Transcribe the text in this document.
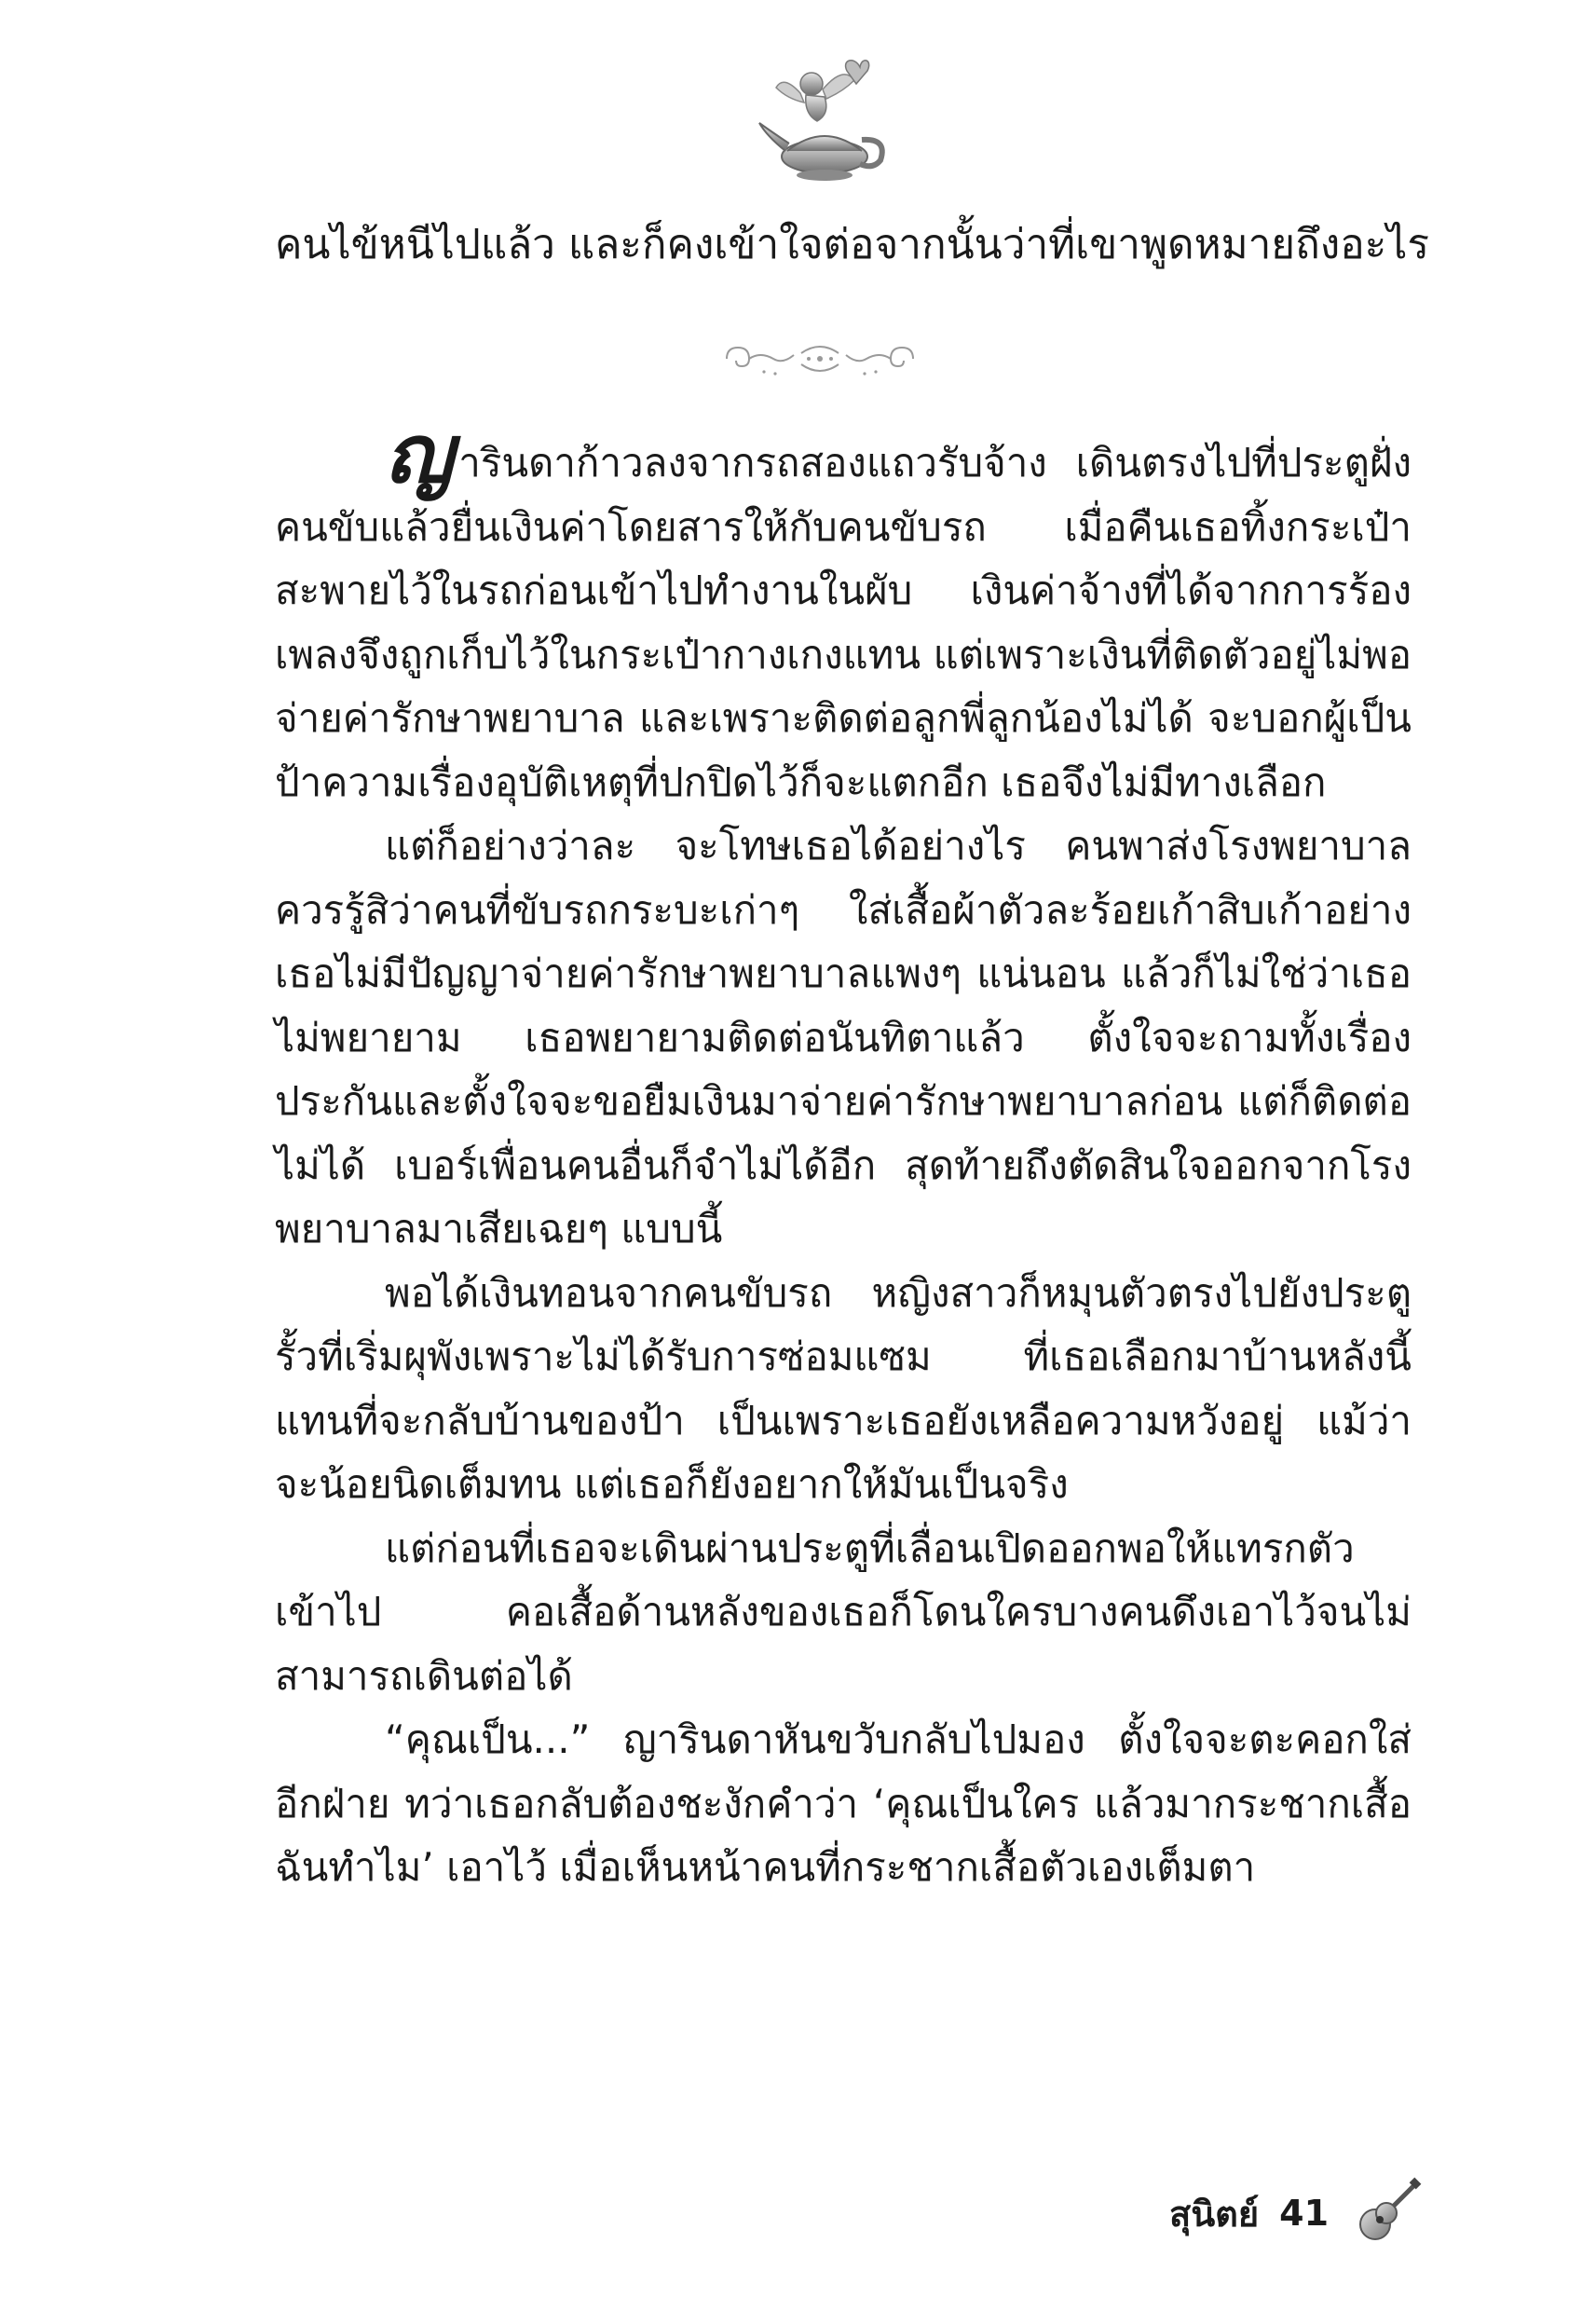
คนไข้หนีไปแล้ว และก็คงเข้าใจต่อจากนั้นว่าที่เขาพูดหมายถึงอะไร

ญารินดาก้าวลงจากรถสองแถวรับจ้าง เดินตรงไปที่ประตูฝั่งคนขับแล้วยื่นเงินค่าโดยสารให้กับคนขับรถ เมื่อคืนเธอทิ้งกระเป๋าสะพายไว้ในรถก่อนเข้าไปทำงานในผับ เงินค่าจ้างที่ได้จากการร้องเพลงจึงถูกเก็บไว้ในกระเป๋ากางเกงแทน แต่เพราะเงินที่ติดตัวอยู่ไม่พอจ่ายค่ารักษาพยาบาล และเพราะติดต่อลูกพี่ลูกน้องไม่ได้ จะบอกผู้เป็นป้าความเรื่องอุบัติเหตุที่ปกปิดไว้ก็จะแตกอีก เธอจึงไม่มีทางเลือก

แต่ก็อย่างว่าละ จะโทษเธอได้อย่างไร คนพาส่งโรงพยาบาลควรรู้สิว่าคนที่ขับรถกระบะเก่าๆ ใส่เสื้อผ้าตัวละร้อยเก้าสิบเก้าอย่างเธอไม่มีปัญญาจ่ายค่ารักษาพยาบาลแพงๆ แน่นอน แล้วก็ไม่ใช่ว่าเธอไม่พยายาม เธอพยายามติดต่อนันทิตาแล้ว ตั้งใจจะถามทั้งเรื่องประกันและตั้งใจจะขอยืมเงินมาจ่ายค่ารักษาพยาบาลก่อน แต่ก็ติดต่อไม่ได้ เบอร์เพื่อนคนอื่นก็จำไม่ได้อีก สุดท้ายถึงตัดสินใจออกจากโรงพยาบาลมาเสียเฉยๆ แบบนี้

พอได้เงินทอนจากคนขับรถ หญิงสาวก็หมุนตัวตรงไปยังประตูรั้วที่เริ่มผุพังเพราะไม่ได้รับการซ่อมแซม ที่เธอเลือกมาบ้านหลังนี้แทนที่จะกลับบ้านของป้า เป็นเพราะเธอยังเหลือความหวังอยู่ แม้ว่าจะน้อยนิดเต็มทน แต่เธอก็ยังอยากให้มันเป็นจริง

แต่ก่อนที่เธอจะเดินผ่านประตูที่เลื่อนเปิดออกพอให้แทรกตัวเข้าไป คอเสื้อด้านหลังของเธอก็โดนใครบางคนดึงเอาไว้จนไม่สามารถเดินต่อได้

“คุณเป็น...” ญารินดาหันขวับกลับไปมอง ตั้งใจจะตะคอกใส่อีกฝ่าย ทว่าเธอกลับต้องชะงักคำว่า ‘คุณเป็นใคร แล้วมากระชากเสื้อฉันทำไม’ เอาไว้ เมื่อเห็นหน้าคนที่กระชากเสื้อตัวเองเต็มตา

สุนิตย์ 41
